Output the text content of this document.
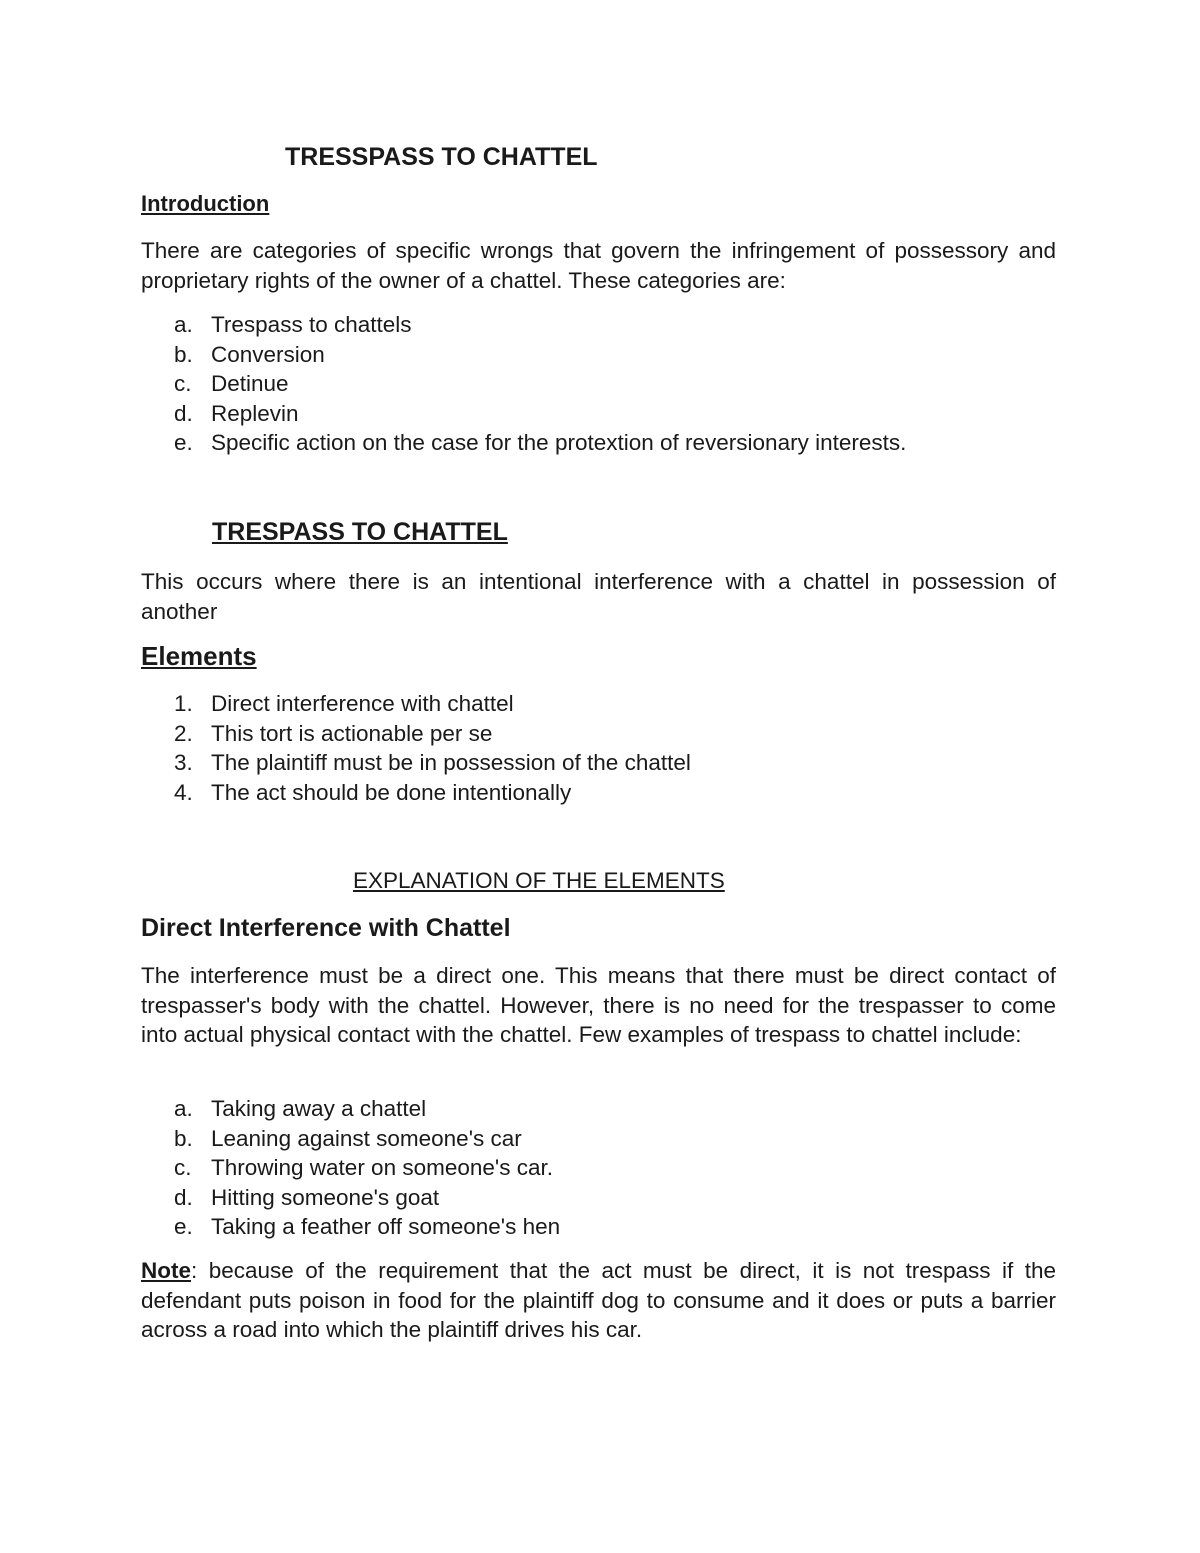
TRESSPASS TO CHATTEL
Introduction

There are categories of specific wrongs that govern the infringement of possessory and proprietary rights of the owner of a chattel. These categories are:

a. Trespass to chattels
b. Conversion
c. Detinue
d. Replevin
e. Specific action on the case for the protextion of reversionary interests.
TRESPASS TO CHATTEL

This occurs where there is an intentional interference with a chattel in possession of another

Elements
1. Direct interference with chattel
2. This tort is actionable per se
3. The plaintiff must be in possession of the chattel
4. The act should be done intentionally
EXPLANATION OF THE ELEMENTS
Direct Interference with Chattel

The interference must be a direct one. This means that there must be direct contact of trespasser's body with the chattel. However, there is no need for the trespasser to come into actual physical contact with the chattel. Few examples of trespass to chattel include:

a. Taking away a chattel
b. Leaning against someone's car
c. Throwing water on someone's car.
d. Hitting someone's goat
e. Taking a feather off someone's hen

Note: because of the requirement that the act must be direct, it is not trespass if the defendant puts poison in food for the plaintiff dog to consume and it does or puts a barrier across a road into which the plaintiff drives his car.
